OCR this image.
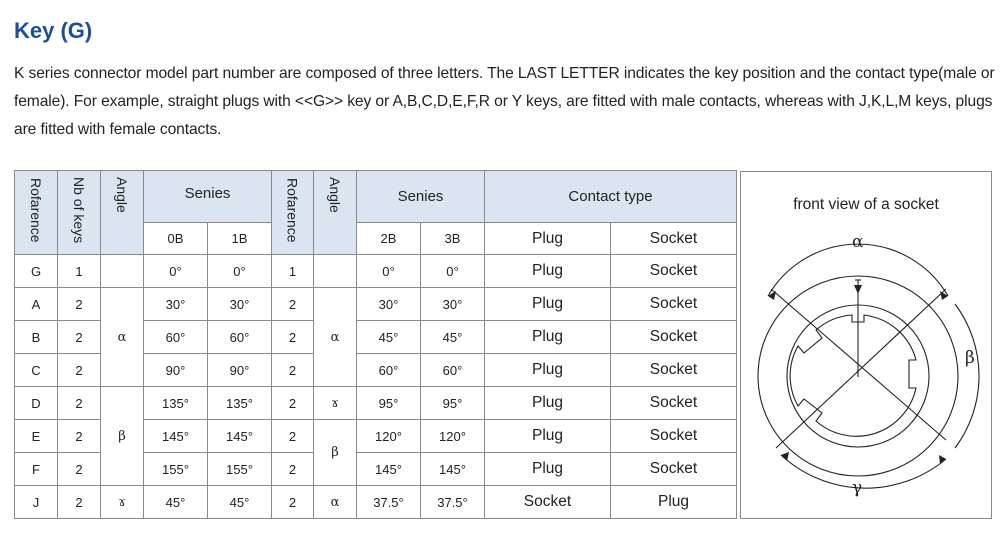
Key (G)
K series connector model part number are composed of three letters. The LAST LETTER indicates the key position and the contact type(male or
female). For example, straight plugs with <<G>> key or A,B,C,D,E,F,R or Y keys, are fitted with male contacts, whereas with J,K,L,M keys, plugs
are fitted with female contacts.
Rofarence	Nb of keys	Angle	Senies		Rofarence	Angle	Senies		Contact type	
			0B	1B			2B	3B	Plug	Socket
G	1		0°	0°	1		0°	0°	Plug	Socket
A	2	α	30°	30°	2	α	30°	30°	Plug	Socket
B	2		60°	60°	2		45°	45°	Plug	Socket
C	2		90°	90°	2		60°	60°	Plug	Socket
D	2	β	135°	135°	2	ɤ	95°	95°	Plug	Socket
E	2		145°	145°	2	β	120°	120°	Plug	Socket
F	2		155°	155°	2		145°	145°	Plug	Socket
J	2	ɤ	45°	45°	2	α	37.5°	37.5°	Socket	Plug
front view of a socket
α
β
γ
